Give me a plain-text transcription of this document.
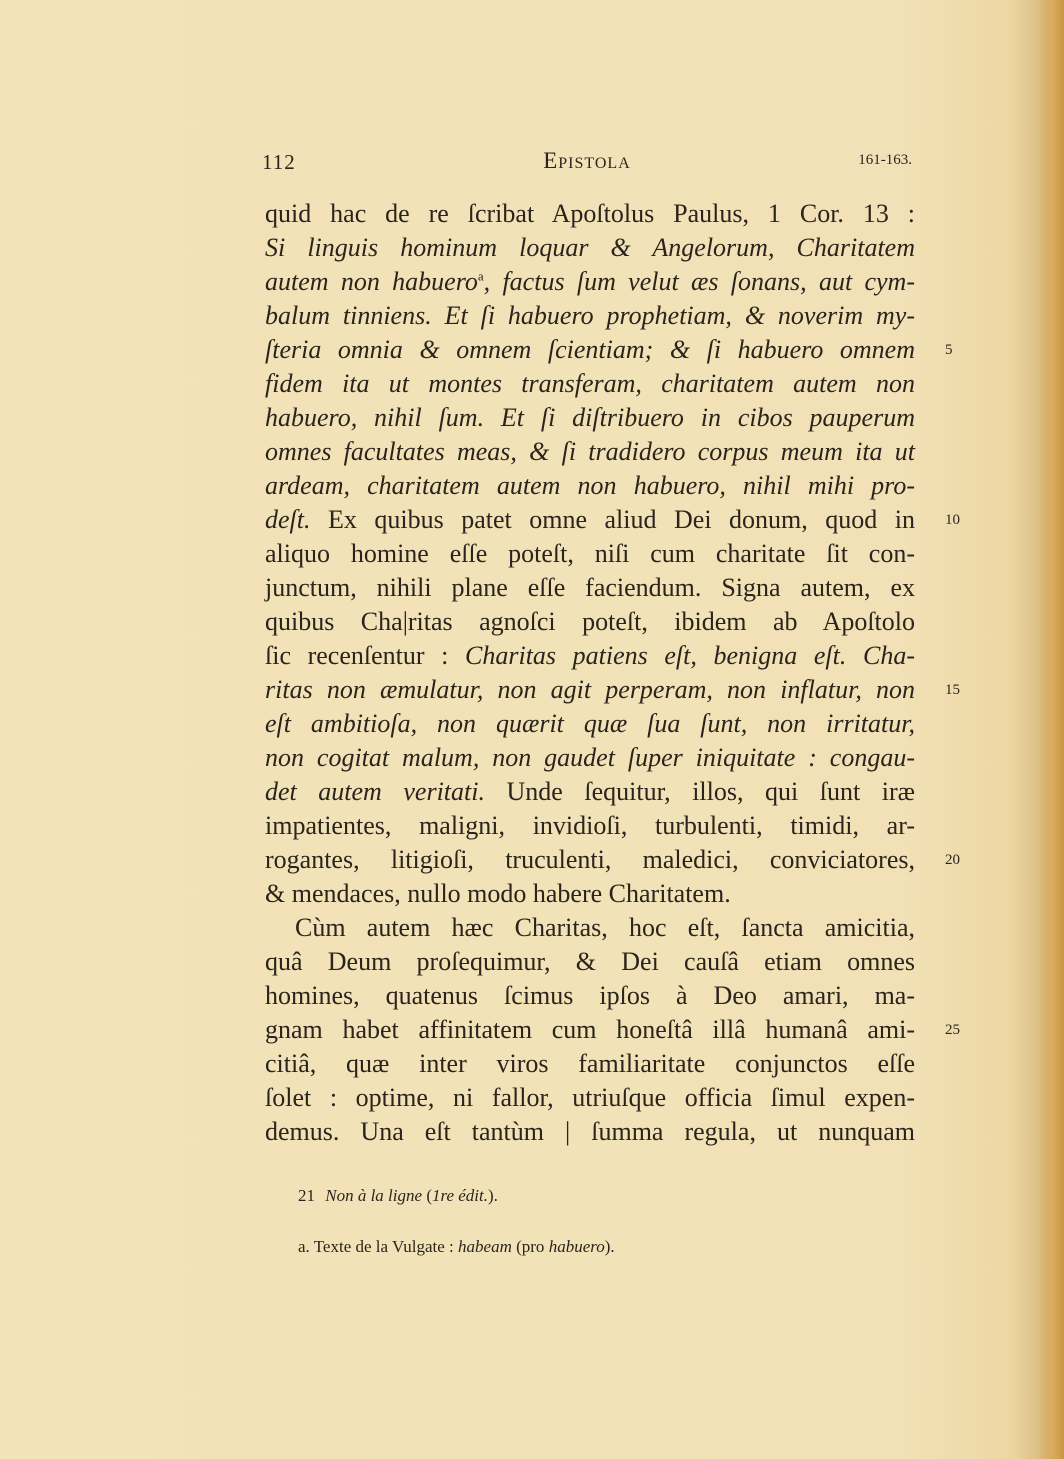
112	Epistola	161-163.
quid hac de re ſcribat Apoſtolus Paulus, 1 Cor. 13 :
Si linguis hominum loquar & Angelorum, Charitatem
autem non habuero$^a$, factus ſum velut æs ſonans, aut cym-
balum tinniens. Et ſi habuero prophetiam, & noverim my-
ſteria omnia & omnem ſcientiam; & ſi habuero omnem 5
fidem ita ut montes transferam, charitatem autem non
habuero, nihil ſum. Et ſi diſtribuero in cibos pauperum
omnes facultates meas, & ſi tradidero corpus meum ita ut
ardeam, charitatem autem non habuero, nihil mihi pro-
deſt. Ex quibus patet omne aliud Dei donum, quod in 10
aliquo homine eſſe poteſt, niſi cum charitate ſit con-
junctum, nihili plane eſſe faciendum. Signa autem, ex
quibus Cha|ritas agnoſci poteſt, ibidem ab Apoſtolo
ſic recenſentur : Charitas patiens eſt, benigna eſt. Cha-
ritas non æmulatur, non agit perperam, non inflatur, non 15
eſt ambitioſa, non quærit quæ ſua ſunt, non irritatur,
non cogitat malum, non gaudet ſuper iniquitate : congau-
det autem veritati. Unde ſequitur, illos, qui ſunt iræ
impatientes, maligni, invidioſi, turbulenti, timidi, ar-
rogantes, litigioſi, truculenti, maledici, conviciatores, 20
& mendaces, nullo modo habere Charitatem.
Cùm autem hæc Charitas, hoc eſt, ſancta amicitia,
quâ Deum proſequimur, & Dei cauſâ etiam omnes
homines, quatenus ſcimus ipſos à Deo amari, ma-
gnam habet affinitatem cum honeſtâ illâ humanâ ami- 25
citiâ, quæ inter viros familiaritate conjunctos eſſe
ſolet : optime, ni fallor, utriuſque officia ſimul expen-
demus. Una eſt tantùm | ſumma regula, ut nunquam
21 Non à la ligne (1re édit.).
a. Texte de la Vulgate : habeam (pro habuero).
